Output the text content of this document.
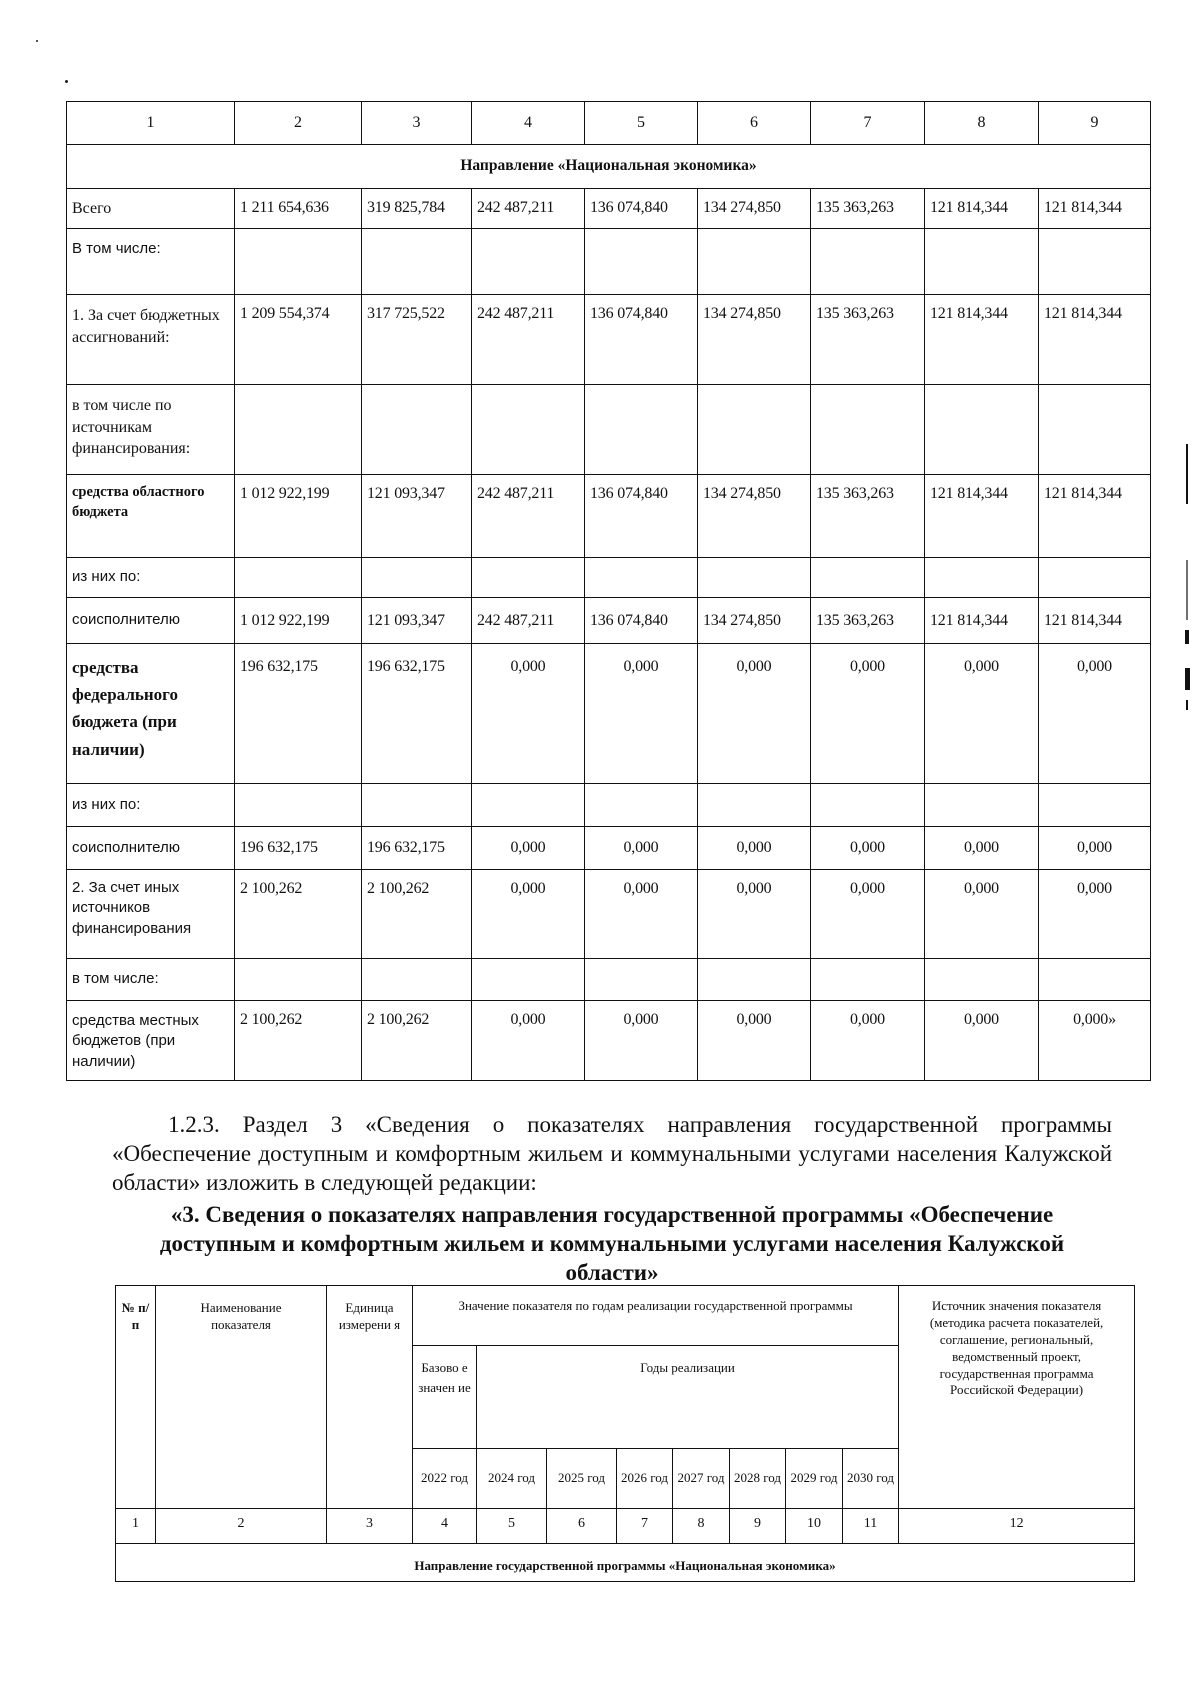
1	2	3	4	5	6	7	8	9
Направление «Национальная экономика»								
Всего	1 211 654,636	319 825,784	242 487,211	136 074,840	134 274,850	135 363,263	121 814,344	121 814,344
В том числе:								
1. За счет бюджетных ассигнований:	1 209 554,374	317 725,522	242 487,211	136 074,840	134 274,850	135 363,263	121 814,344	121 814,344
в том числе по источникам финансирования:								
средства областного бюджета	1 012 922,199	121 093,347	242 487,211	136 074,840	134 274,850	135 363,263	121 814,344	121 814,344
из них по:								
соисполнителю	1 012 922,199	121 093,347	242 487,211	136 074,840	134 274,850	135 363,263	121 814,344	121 814,344
средства федерального бюджета (при наличии)	196 632,175	196 632,175	0,000	0,000	0,000	0,000	0,000	0,000
из них по:								
соисполнителю	196 632,175	196 632,175	0,000	0,000	0,000	0,000	0,000	0,000
2. За счет иных источников финансирования	2 100,262	2 100,262	0,000	0,000	0,000	0,000	0,000	0,000
в том числе:								
средства местных бюджетов (при наличии)	2 100,262	2 100,262	0,000	0,000	0,000	0,000	0,000	0,000»
1.2.3. Раздел 3 «Сведения о показателях направления государственной программы «Обеспечение доступным и комфортным жильем и коммунальными услугами населения Калужской области» изложить в следующей редакции:
«3. Сведения о показателях направления государственной программы «Обеспечение доступным и комфортным жильем и коммунальными услугами населения Калужской области»
№ п/п	Наименование показателя	Единица измерени я	Значение показателя по годам реализации государственной программы								Источник значения показателя (методика расчета показателей, соглашение, региональный, ведомственный проект, государственная программа Российской Федерации)
			Базово е значен ие	Годы реализации							
			2022 год	2024 год	2025 год	2026 год	2027 год	2028 год	2029 год	2030 год	
1	2	3	4	5	6	7	8	9	10	11	12
Направление государственной программы «Национальная экономика»											
